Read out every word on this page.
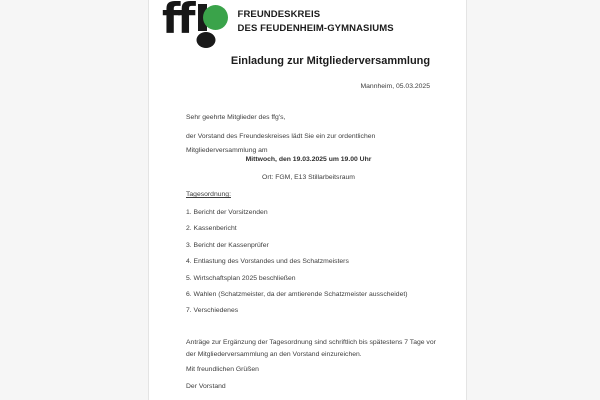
ff	FREUNDESKREIS
DES FEUDENHEIM-GYMNASIUMS
Einladung zur Mitgliederversammlung
Mannheim, 05.03.2025
Sehr geehrte Mitglieder des ffg's,
der Vorstand des Freundeskreises lädt Sie ein zur ordentlichen
Mitgliederversammlung am
Mittwoch, den 19.03.2025 um 19.00 Uhr
Ort: FGM, E13 Stillarbeitsraum
Tagesordnung:
1. Bericht der Vorsitzenden
2. Kassenbericht
3. Bericht der Kassenprüfer
4. Entlastung des Vorstandes und des Schatzmeisters
5. Wirtschaftsplan 2025 beschließen
6. Wahlen (Schatzmeister, da der amtierende Schatzmeister ausscheidet)
7. Verschiedenes
Anträge zur Ergänzung der Tagesordnung sind schriftlich bis spätestens 7 Tage vor
der Mitgliederversammlung an den Vorstand einzureichen.
Mit freundlichen Grüßen
Der Vorstand
